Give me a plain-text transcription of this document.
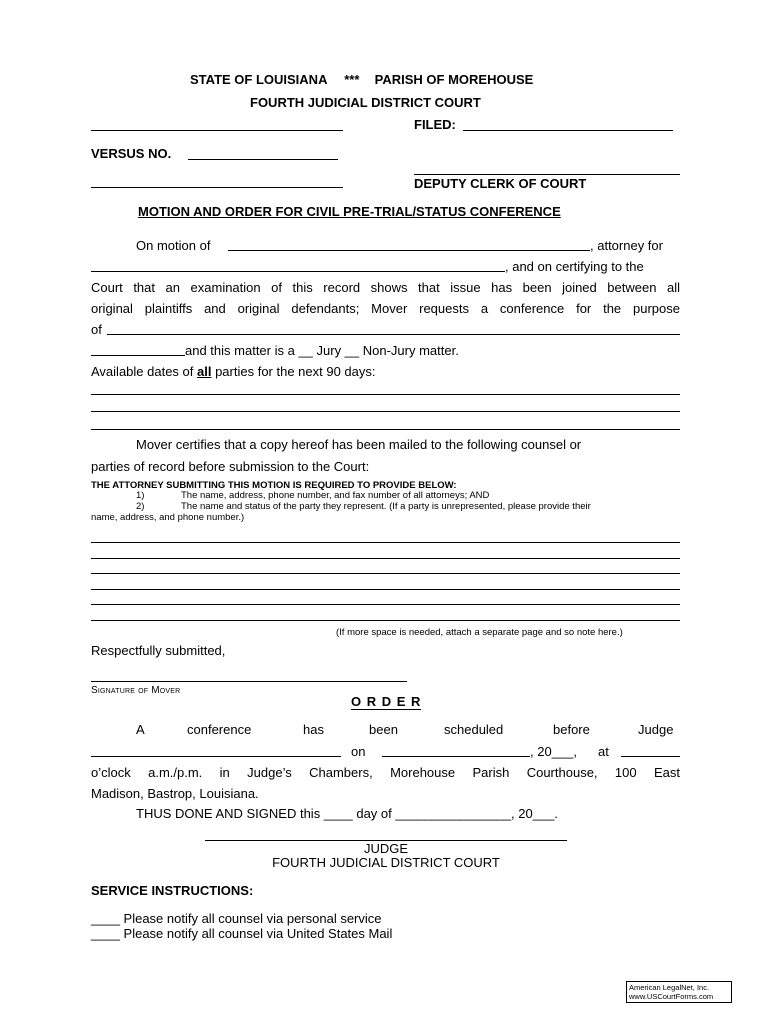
STATE OF LOUISIANA *** PARISH OF MOREHOUSE
FOURTH JUDICIAL DISTRICT COURT
FILED:
VERSUS NO.
DEPUTY CLERK OF COURT
MOTION AND ORDER FOR CIVIL PRE-TRIAL/STATUS CONFERENCE
On motion of	, attorney for
, and on certifying to the
Court that an examination of this record shows that issue has been joined between all
original plaintiffs and original defendants; Mover requests a conference for the purpose
of
and this matter is a __ Jury __ Non-Jury matter.
Available dates of all parties for the next 90 days:
Mover certifies that a copy hereof has been mailed to the following counsel or
parties of record before submission to the Court:
THE ATTORNEY SUBMITTING THIS MOTION IS REQUIRED TO PROVIDE BELOW:
1)	The name, address, phone number, and fax number of all attorneys; AND
2)	The name and status of the party they represent. (If a party is unrepresented, please provide their
name, address, and phone number.)
(If more space is needed, attach a separate page and so note here.)
Respectfully submitted,
Signature of Mover
O R D E R
A	conference	has	been	scheduled	before	Judge
on	, 20___, at
o’clock a.m./p.m. in Judge’s Chambers, Morehouse Parish Courthouse, 100 East
Madison, Bastrop, Louisiana.
THUS DONE AND SIGNED this ____ day of ________________, 20___.
JUDGE
FOURTH JUDICIAL DISTRICT COURT
SERVICE INSTRUCTIONS:
____ Please notify all counsel via personal service
____ Please notify all counsel via United States Mail
American LegalNet, Inc.
www.USCourtForms.com
